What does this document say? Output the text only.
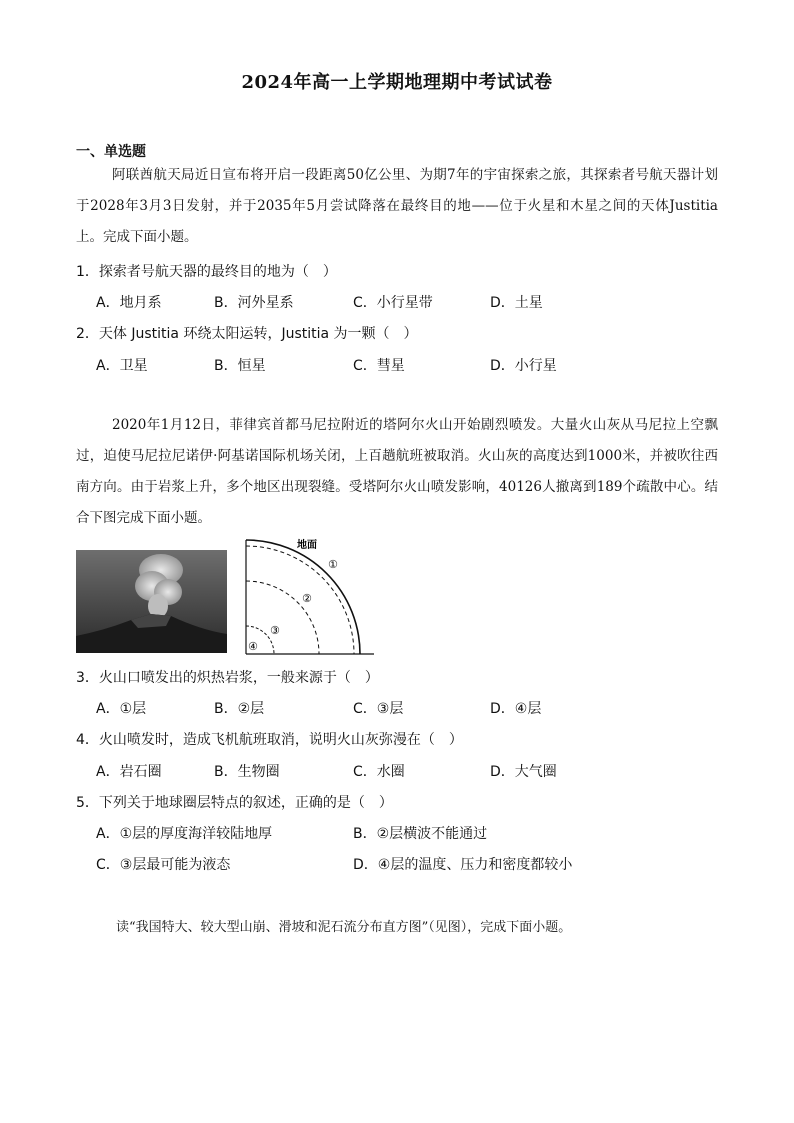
2024年高一上学期地理期中考试试卷
一、单选题
阿联酋航天局近日宣布将开启一段距离50亿公里、为期7年的宇宙探索之旅，其探索者号航天器计划于2028年3月3日发射，并于2035年5月尝试降落在最终目的地——位于火星和木星之间的天体Justitia上。完成下面小题。
1．探索者号航天器的最终目的地为（　）
A．地月系	B．河外星系	C．小行星带	D．土星
2．天体 Justitia 环绕太阳运转，Justitia 为一颗（　）
A．卫星	B．恒星	C．彗星	D．小行星
2020年1月12日，菲律宾首都马尼拉附近的塔阿尔火山开始剧烈喷发。大量火山灰从马尼拉上空飘过，迫使马尼拉尼诺伊·阿基诺国际机场关闭，上百趟航班被取消。火山灰的高度达到1000米，并被吹往西南方向。由于岩浆上升，多个地区出现裂缝。受塔阿尔火山喷发影响，40126人撤离到189个疏散中心。结合下图完成下面小题。
地面
①
②
③
④
3．火山口喷发出的炽热岩浆，一般来源于（　）
A．①层	B．②层	C．③层	D．④层
4．火山喷发时，造成飞机航班取消，说明火山灰弥漫在（　）
A．岩石圈	B．生物圈	C．水圈	D．大气圈
5．下列关于地球圈层特点的叙述，正确的是（　）
A．①层的厚度海洋较陆地厚	B．②层横波不能通过
C．③层最可能为液态	D．④层的温度、压力和密度都较小
读“我国特大、较大型山崩、滑坡和泥石流分布直方图”（见图），完成下面小题。
